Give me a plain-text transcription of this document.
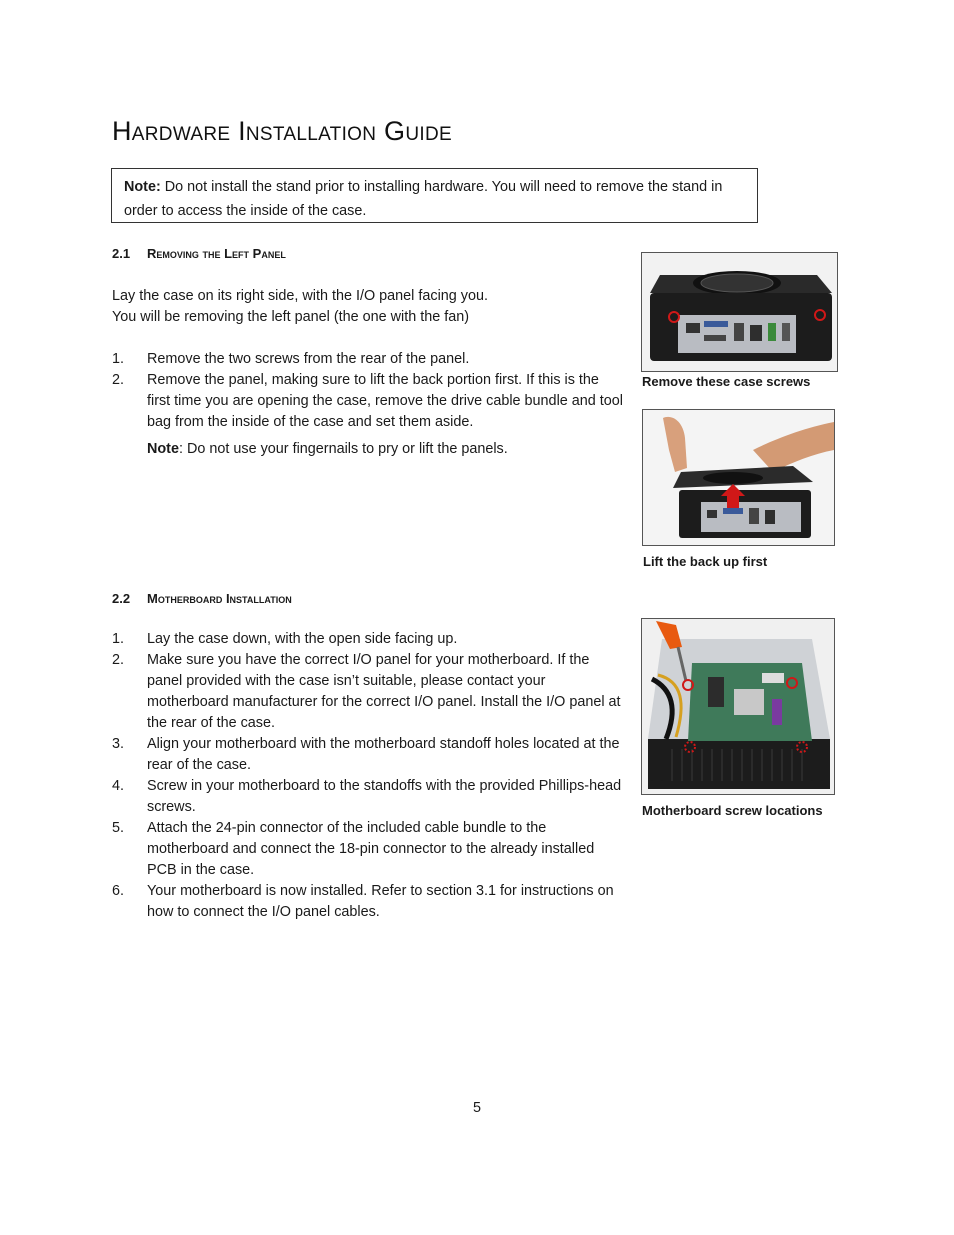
Hardware Installation Guide
Note: Do not install the stand prior to installing hardware. You will need to remove the stand in order to access the inside of the case.
2.1 Removing the Left Panel
Lay the case on its right side, with the I/O panel facing you.
You will be removing the left panel (the one with the fan)
1. Remove the two screws from the rear of the panel.
2. Remove the panel, making sure to lift the back portion first. If this is the first time you are opening the case, remove the drive cable bundle and tool bag from the inside of the case and set them aside.
Note: Do not use your fingernails to pry or lift the panels.
2.2 Motherboard Installation
1. Lay the case down, with the open side facing up.
2. Make sure you have the correct I/O panel for your motherboard. If the panel provided with the case isn’t suitable, please contact your motherboard manufacturer for the correct I/O panel. Install the I/O panel at the rear of the case.
3. Align your motherboard with the motherboard standoff holes located at the rear of the case.
4. Screw in your motherboard to the standoffs with the provided Phillips-head screws.
5. Attach the 24-pin connector of the included cable bundle to the motherboard and connect the 18-pin connector to the already installed PCB in the case.
6. Your motherboard is now installed. Refer to section 3.1 for instructions on how to connect the I/O panel cables.
Remove these case screws
Lift the back up first
Motherboard screw locations
5
